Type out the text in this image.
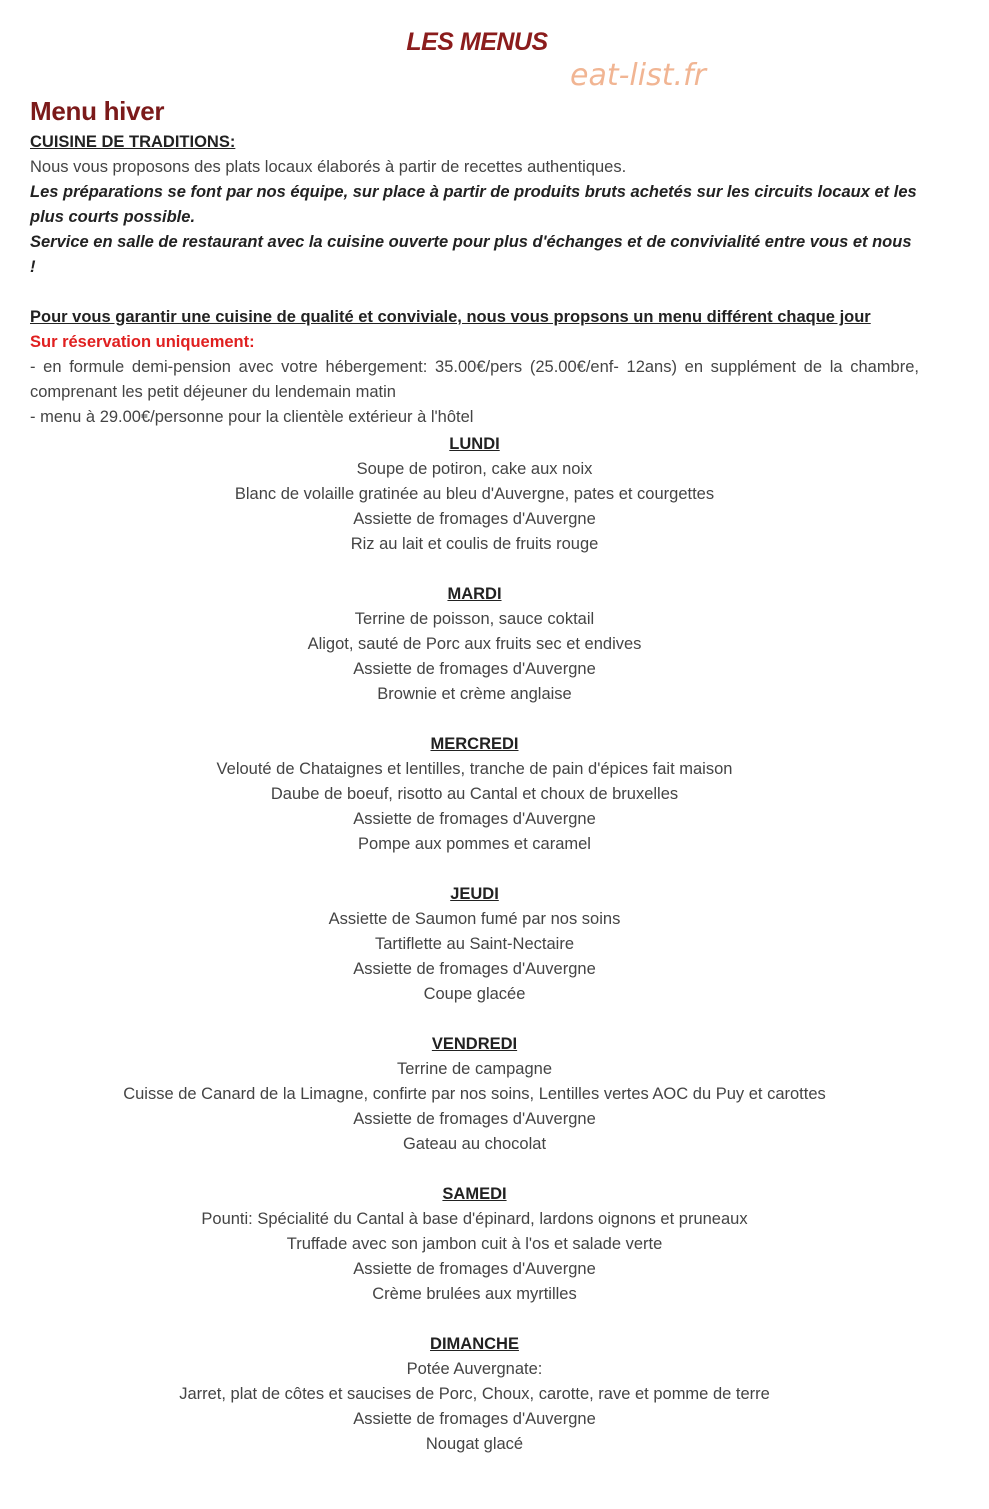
LES MENUS
eat-list.fr
Menu hiver

CUISINE DE TRADITIONS:

Nous vous proposons des plats locaux élaborés à partir de recettes authentiques.

Les préparations se font par nos équipe, sur place à partir de produits bruts achetés sur les circuits locaux et les plus courts possible.

Service en salle de restaurant avec la cuisine ouverte pour plus d'échanges et de convivialité entre vous et nous !

Pour vous garantir une cuisine de qualité et conviviale, nous vous propsons un menu différent chaque jour

Sur réservation uniquement:

- en formule demi-pension avec votre hébergement: 35.00€/pers (25.00€/enf- 12ans) en supplément de la chambre, comprenant les petit déjeuner du lendemain matin

- menu à 29.00€/personne pour la clientèle extérieur à l'hôtel

LUNDI
Soupe de potiron, cake aux noix
Blanc de volaille gratinée au bleu d'Auvergne, pates et courgettes
Assiette de fromages d'Auvergne
Riz au lait et coulis de fruits rouge
MARDI
Terrine de poisson, sauce coktail
Aligot, sauté de Porc aux fruits sec et endives
Assiette de fromages d'Auvergne
Brownie et crème anglaise
MERCREDI
Velouté de Chataignes et lentilles, tranche de pain d'épices fait maison
Daube de boeuf, risotto au Cantal et choux de bruxelles
Assiette de fromages d'Auvergne
Pompe aux pommes et caramel
JEUDI
Assiette de Saumon fumé par nos soins
Tartiflette au Saint-Nectaire
Assiette de fromages d'Auvergne
Coupe glacée
VENDREDI
Terrine de campagne
Cuisse de Canard de la Limagne, confirte par nos soins, Lentilles vertes AOC du Puy et carottes
Assiette de fromages d'Auvergne
Gateau au chocolat
SAMEDI
Pounti: Spécialité du Cantal à base d'épinard, lardons oignons et pruneaux
Truffade avec son jambon cuit à l'os et salade verte
Assiette de fromages d'Auvergne
Crème brulées aux myrtilles
DIMANCHE
Potée Auvergnate:
Jarret, plat de côtes et saucises de Porc, Choux, carotte, rave et pomme de terre
Assiette de fromages d'Auvergne
Nougat glacé
